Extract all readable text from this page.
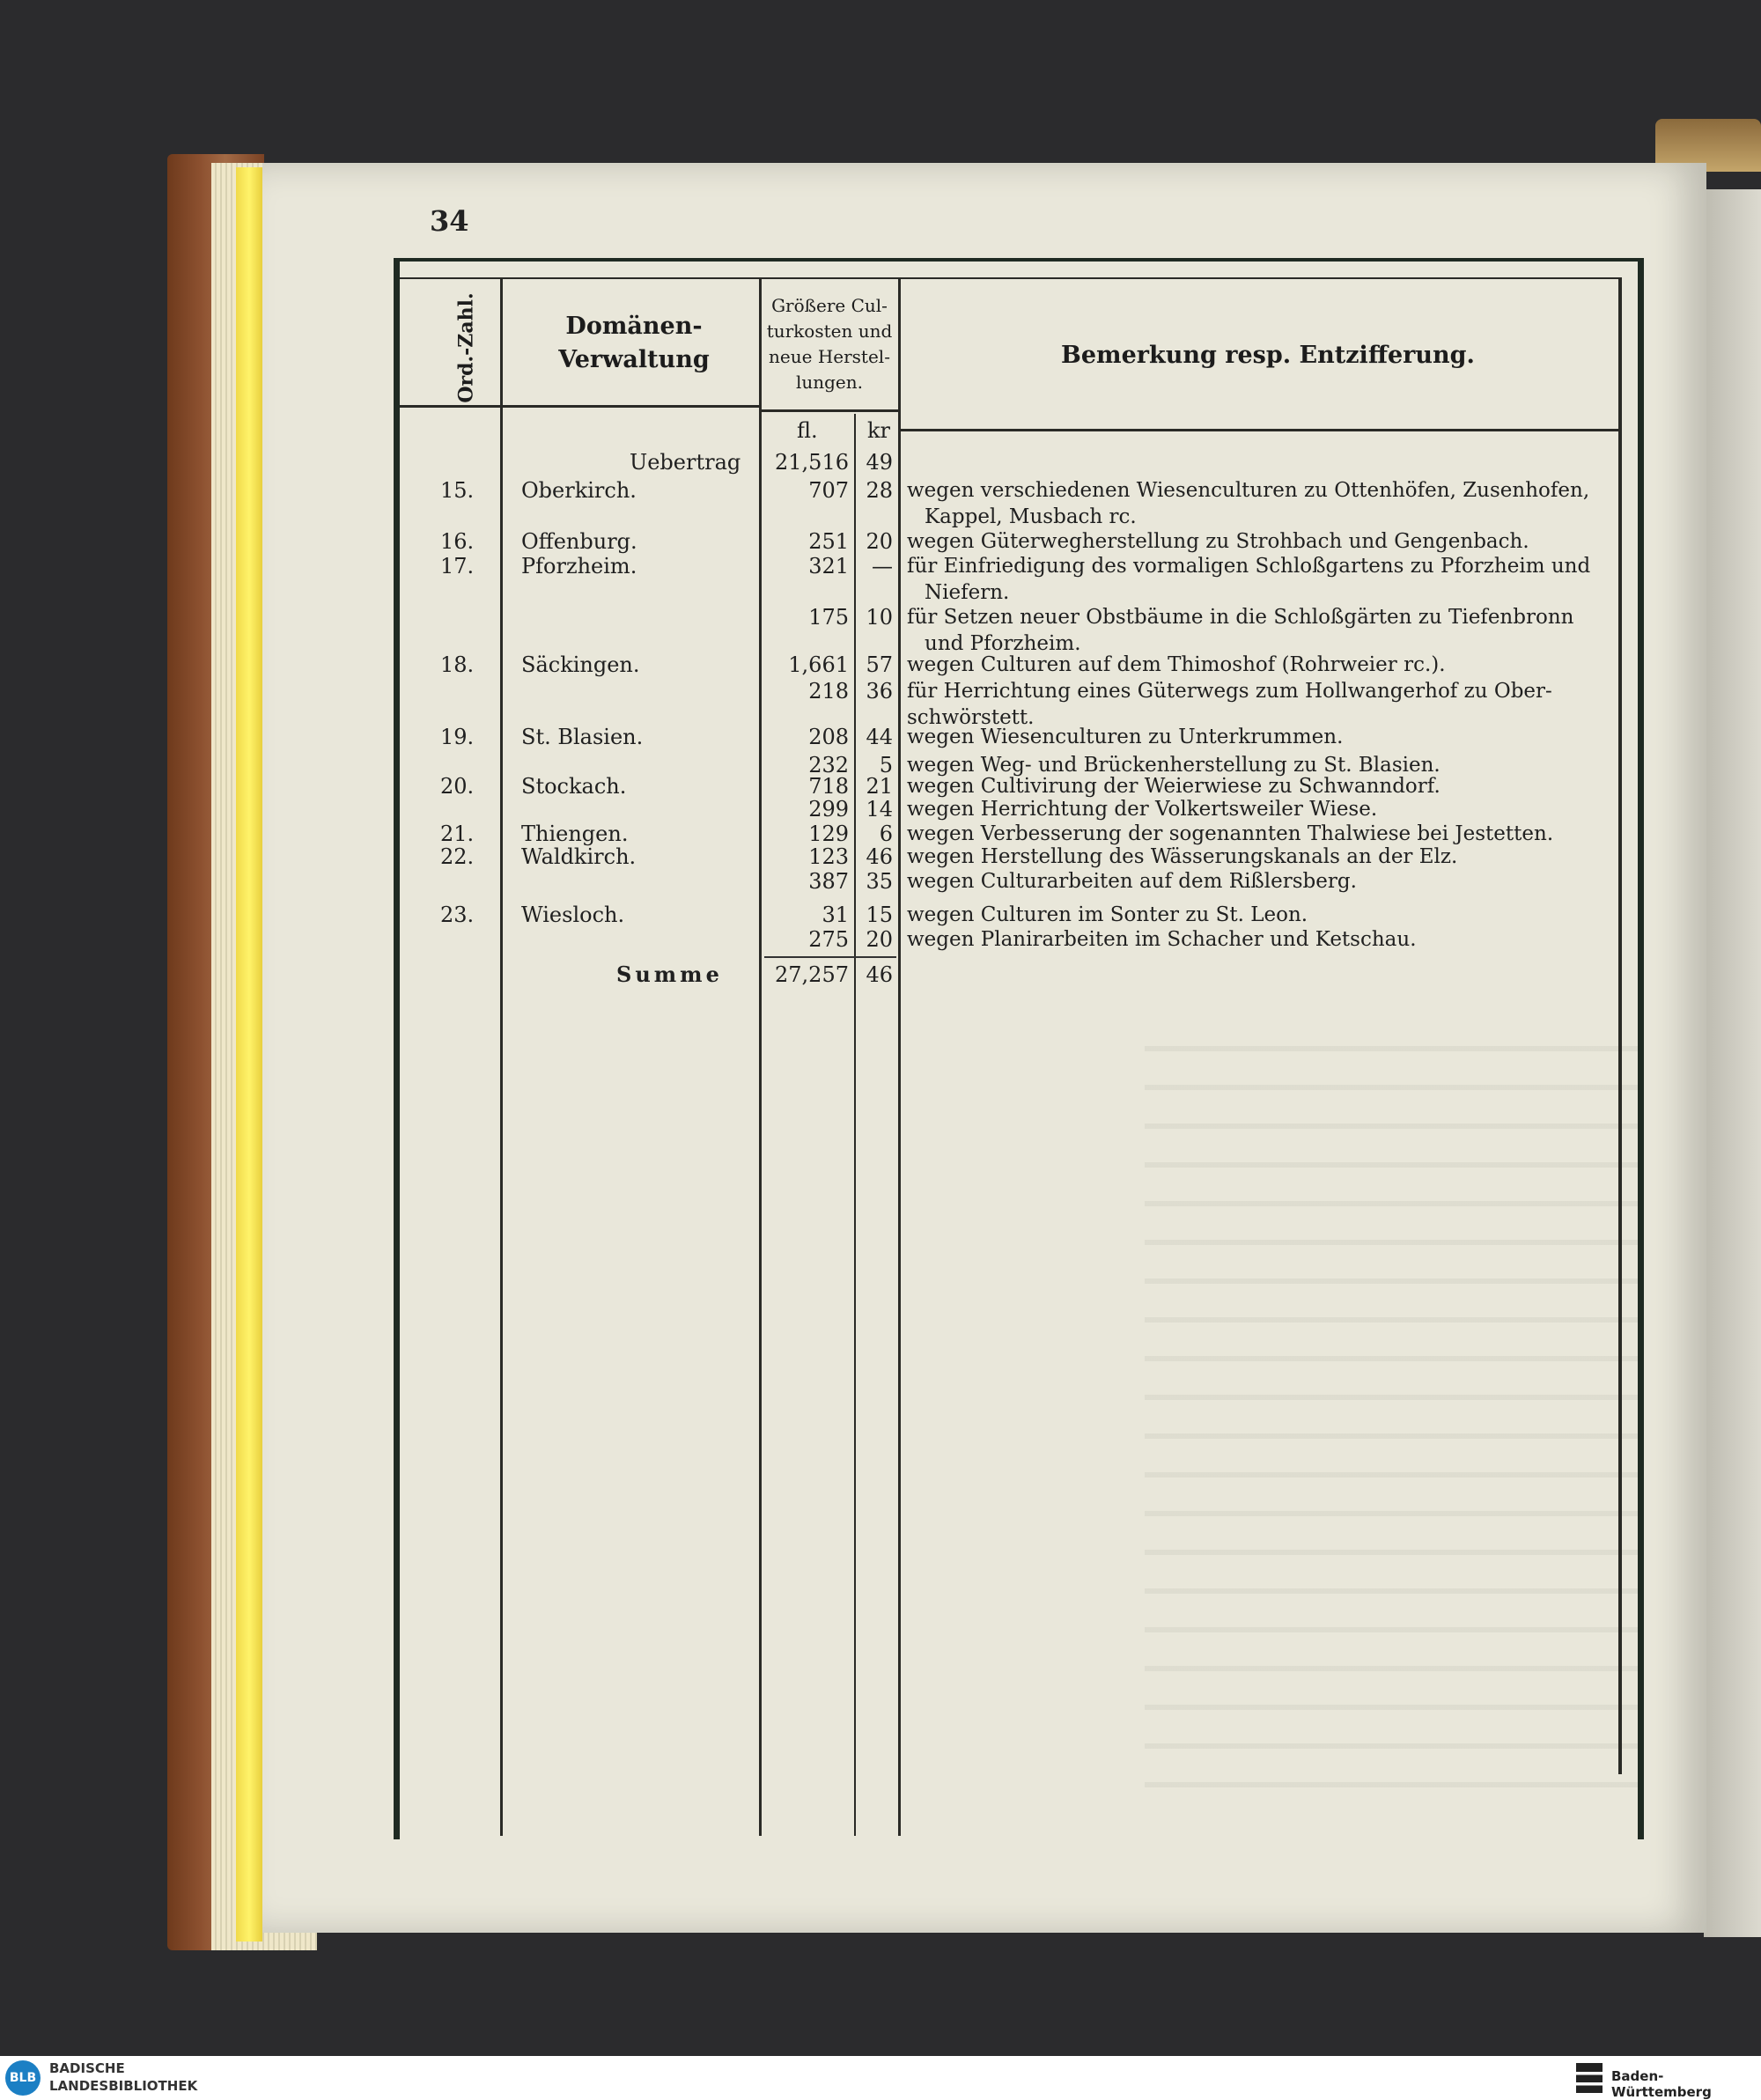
34
Ord.-Zahl.	Domänen-
Verwaltung
Größere Cul-
turkosten und
neue Herstel-
lungen.
Bemerkung resp. Entzifferung.
fl. kr
Uebertrag	21,516 49
15.	Oberkirch.	707 28 wegen verschiedenen Wiesenculturen zu Ottenhöfen, Zusenhofen,
Kappel, Musbach rc.
16.	Offenburg.	251 20 wegen Güterwegherstellung zu Strohbach und Gengenbach.
17.	Pforzheim.	321	— für Einfriedigung des vormaligen Schloßgartens zu Pforzheim und
Niefern.
175 10 für Setzen neuer Obstbäume in die Schloßgärten zu Tiefenbronn
und Pforzheim.
18.	Säckingen.	1,661 57 wegen Culturen auf dem Thimoshof (Rohrweier rc.).
218 36 für Herrichtung eines Güterwegs zum Hollwangerhof zu Ober-
schwörstett.
19.	St. Blasien.	208 44 wegen Wiesenculturen zu Unterkrummen.
232	5 wegen Weg- und Brückenherstellung zu St. Blasien.
20.	Stockach.	718 21 wegen Cultivirung der Weierwiese zu Schwanndorf.
299 14 wegen Herrichtung der Volkertsweiler Wiese.
21.	Thiengen.	129	6 wegen Verbesserung der sogenannten Thalwiese bei Jestetten.
22.	Waldkirch.	123 46 wegen Herstellung des Wässerungskanals an der Elz.
387 35 wegen Culturarbeiten auf dem Rißlersberg.
23.	Wiesloch.	31 15 wegen Culturen im Sonter zu St. Leon.
275 20 wegen Planirarbeiten im Schacher und Ketschau.
Summe	27,257 46
BLB
BADISCHE
LANDESBIBLIOTHEK
Baden-Württemberg
